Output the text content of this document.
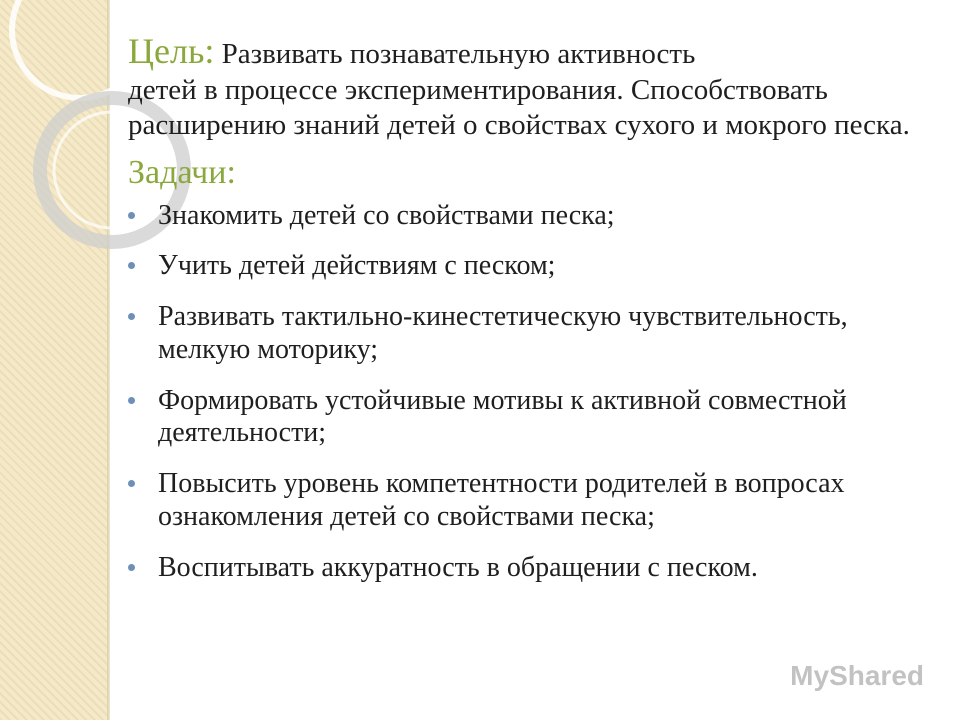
Цель: Развивать познавательную активность

детей в процессе экспериментирования. Способствовать расширению знаний детей о свойствах сухого и мокрого песка.

Задачи:
Знакомить детей со свойствами песка;
Учить детей действиям с песком;
Развивать тактильно-кинестетическую чувствительность, мелкую моторику;
Формировать устойчивые мотивы к активной совместной деятельности;
Повысить уровень компетентности родителей в вопросах ознакомления детей со свойствами песка;
Воспитывать аккуратность в обращении с песком.
MyShared
